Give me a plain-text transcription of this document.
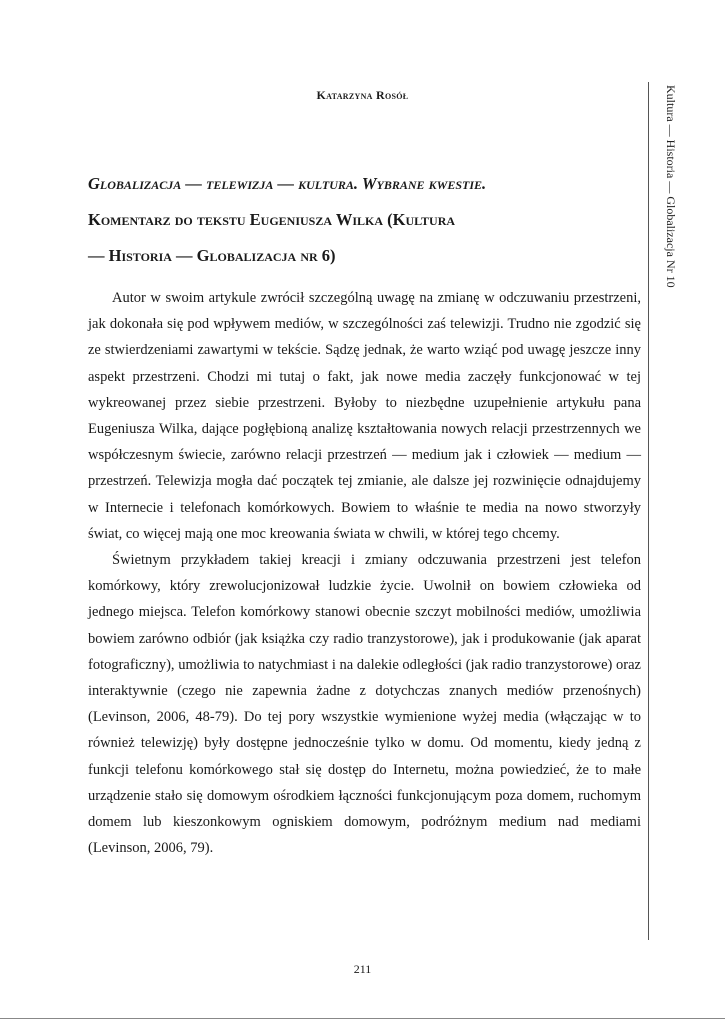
Katarzyna Rosół
Globalizacja — telewizja — kultura. Wybrane kwestie.
Komentarz do tekstu Eugeniusza Wilka (Kultura
— Historia — Globalizacja nr 6)

Autor w swoim artykule zwrócił szczególną uwagę na zmianę w odczuwaniu przestrzeni, jak dokonała się pod wpływem mediów, w szczególności zaś telewizji. Trudno nie zgodzić się ze stwierdzeniami zawartymi w tekście. Sądzę jednak, że warto wziąć pod uwagę jeszcze inny aspekt przestrzeni. Chodzi mi tutaj o fakt, jak nowe media zaczęły funkcjonować w tej wykreowanej przez siebie przestrzeni. Byłoby to niezbędne uzupełnienie artykułu pana Eugeniusza Wilka, dające pogłębioną analizę kształtowania nowych relacji przestrzennych we współczesnym świecie, zarówno relacji przestrzeń — medium jak i człowiek — medium — przestrzeń. Telewizja mogła dać początek tej zmianie, ale dalsze jej rozwinięcie odnajdujemy w Internecie i telefonach komórkowych. Bowiem to właśnie te media na nowo stworzyły świat, co więcej mają one moc kreowania świata w chwili, w której tego chcemy.

Świetnym przykładem takiej kreacji i zmiany odczuwania przestrzeni jest telefon komórkowy, który zrewolucjonizował ludzkie życie. Uwolnił on bowiem człowieka od jednego miejsca. Telefon komórkowy stanowi obecnie szczyt mobilności mediów, umożliwia bowiem zarówno odbiór (jak książka czy radio tranzystorowe), jak i produkowanie (jak aparat fotograficzny), umożliwia to natychmiast i na dalekie odległości (jak radio tranzystorowe) oraz interaktywnie (czego nie zapewnia żadne z dotychczas znanych mediów przenośnych) (Levinson, 2006, 48-79). Do tej pory wszystkie wymienione wyżej media (włączając w to również telewizję) były dostępne jednocześnie tylko w domu. Od momentu, kiedy jedną z funkcji telefonu komórkowego stał się dostęp do Internetu, można powiedzieć, że to małe urządzenie stało się domowym ośrodkiem łączności funkcjonującym poza domem, ruchomym domem lub kieszonkowym ogniskiem domowym, podróżnym medium nad mediami (Levinson, 2006, 79).

Kultura — Historia — Globalizacja Nr 10
211
